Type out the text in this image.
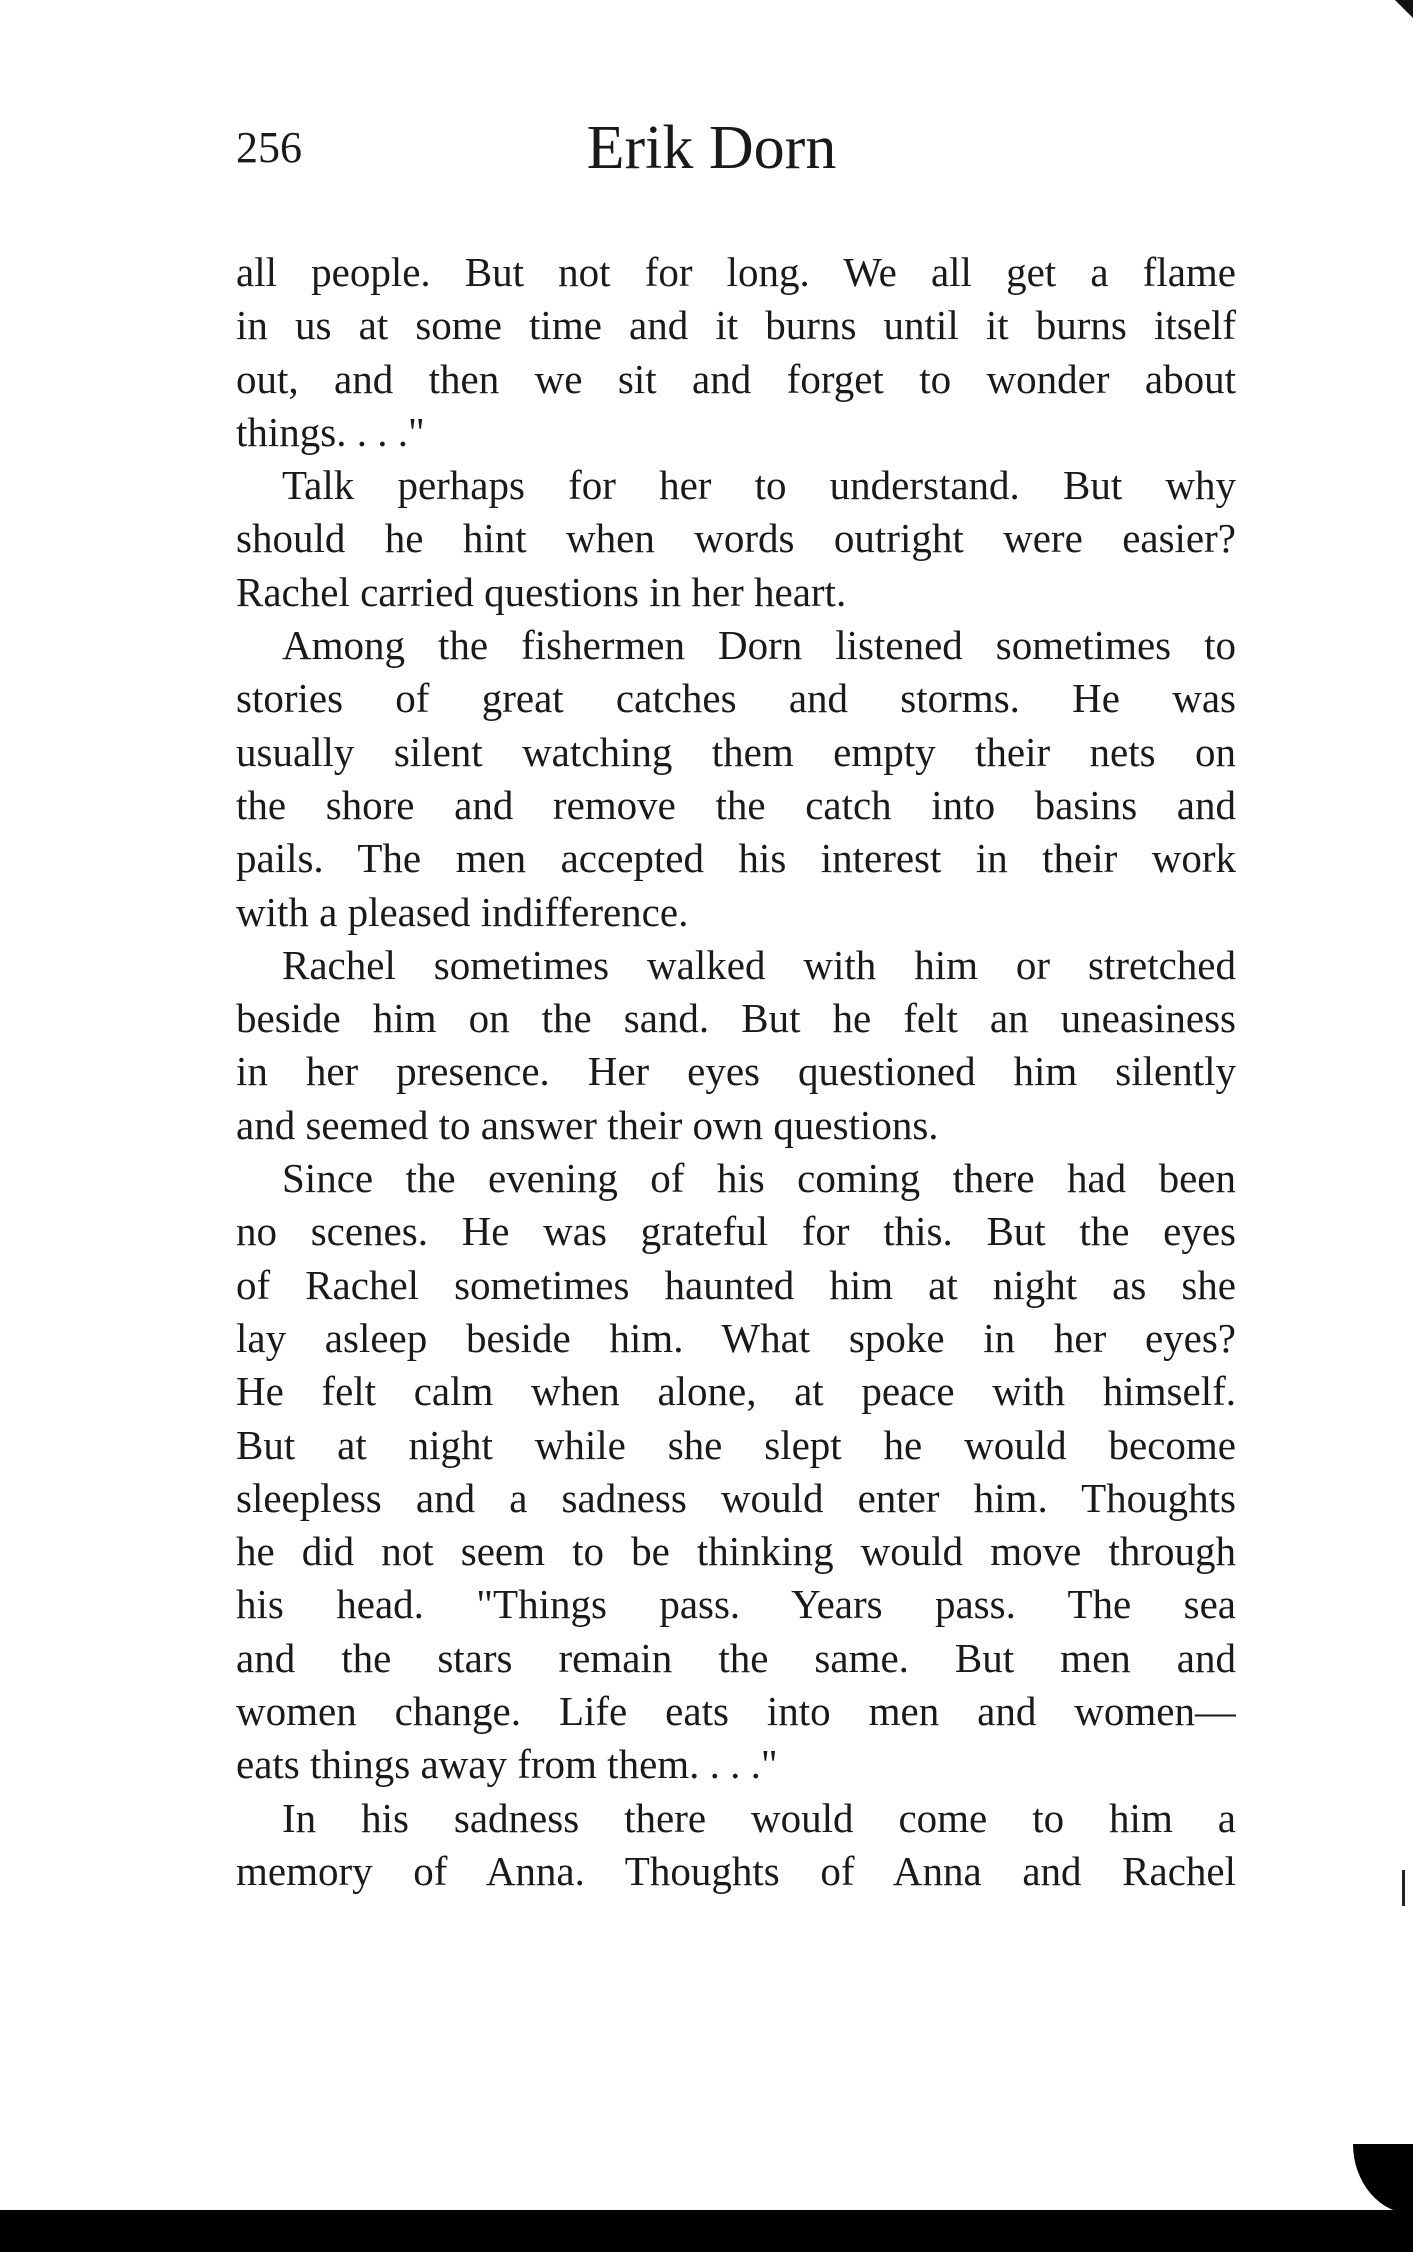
256	Erik Dorn
all people. But not for long. We all get a flame
in us at some time and it burns until it burns itself
out, and then we sit and forget to wonder about
things. . . ."
Talk perhaps for her to understand. But why
should he hint when words outright were easier?
Rachel carried questions in her heart.
Among the fishermen Dorn listened sometimes to
stories of great catches and storms. He was
usually silent watching them empty their nets on
the shore and remove the catch into basins and
pails. The men accepted his interest in their work
with a pleased indifference.
Rachel sometimes walked with him or stretched
beside him on the sand. But he felt an uneasiness
in her presence. Her eyes questioned him silently
and seemed to answer their own questions.
Since the evening of his coming there had been
no scenes. He was grateful for this. But the eyes
of Rachel sometimes haunted him at night as she
lay asleep beside him. What spoke in her eyes?
He felt calm when alone, at peace with himself.
But at night while she slept he would become
sleepless and a sadness would enter him. Thoughts
he did not seem to be thinking would move through
his head. "Things pass. Years pass. The sea
and the stars remain the same. But men and
women change. Life eats into men and women—
eats things away from them. . . ."
In his sadness there would come to him a
memory of Anna. Thoughts of Anna and Rachel
